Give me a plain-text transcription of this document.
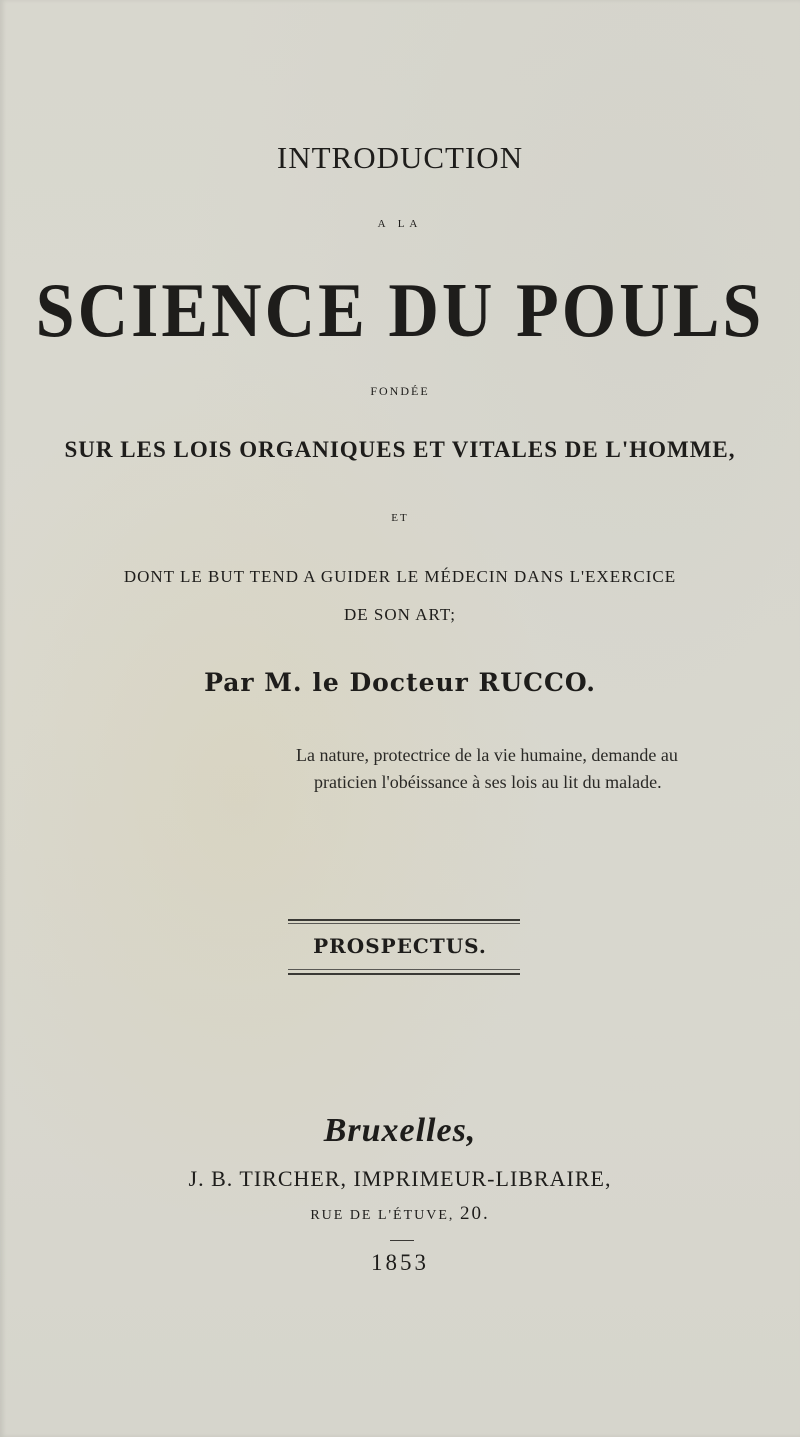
INTRODUCTION
A LA
SCIENCE DU POULS
FONDÉE
SUR LES LOIS ORGANIQUES ET VITALES DE L'HOMME,
ET
DONT LE BUT TEND A GUIDER LE MÉDECIN DANS L'EXERCICE
DE SON ART;
Par M. le Docteur RUCCO.
La nature, protectrice de la vie humaine, demande au
praticien l'obéissance à ses lois au lit du malade.
PROSPECTUS.
Bruxelles,
J. B. TIRCHER, IMPRIMEUR-LIBRAIRE,
RUE DE L'ÉTUVE, 20.
1853
